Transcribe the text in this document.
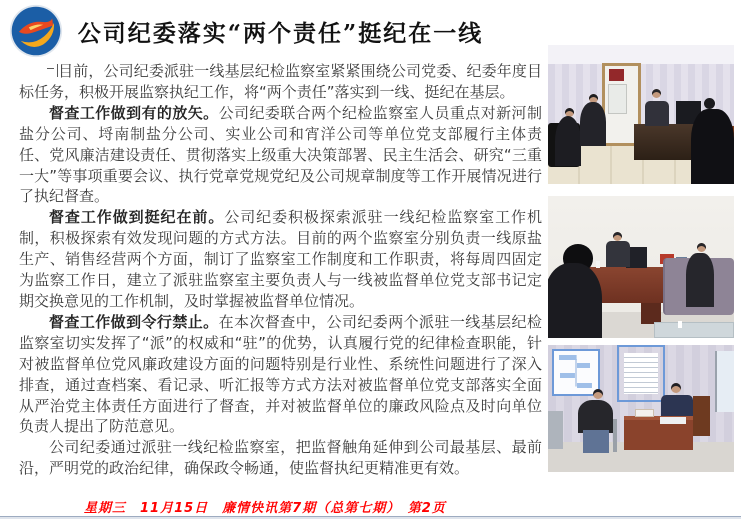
公司纪委落实“两个责任”挺纪在一线

目前，公司纪委派驻一线基层纪检监察室紧紧围绕公司党委、纪委年度目标任务，积极开展监察执纪工作，将“两个责任”落实到一线、挺纪在基层。

督查工作做到有的放矢。公司纪委联合两个纪检监察室人员重点对新河制盐分公司、埒南制盐分公司、实业公司和宵洋公司等单位党支部履行主体责任、党风廉洁建设责任、贯彻落实上级重大决策部署、民主生活会、研究“三重一大”等事项重要会议、执行党章党规党纪及公司规章制度等工作开展情况进行了执纪督查。

督查工作做到挺纪在前。公司纪委积极探索派驻一线纪检监察室工作机制，积极探索有效发现问题的方式方法。目前的两个监察室分别负责一线原盐生产、销售经营两个方面，制订了监察室工作制度和工作职责，将每周四固定为监察工作日，建立了派驻监察室主要负责人与一线被监督单位党支部书记定期交换意见的工作机制，及时掌握被监督单位情况。

督查工作做到令行禁止。在本次督查中，公司纪委两个派驻一线基层纪检监察室切实发挥了“派”的权威和“驻”的优势，认真履行党的纪律检查职能，针对被监督单位党风廉政建设方面的问题特别是行业性、系统性问题进行了深入排查，通过查档案、看记录、听汇报等方式方法对被监督单位党支部落实全面从严治党主体责任方面进行了督查，并对被监督单位的廉政风险点及时向单位负责人提出了防范意见。

公司纪委通过派驻一线纪检监察室，把监督触角延伸到公司最基层、最前沿，严明党的政治纪律，确保政令畅通，使监督执纪更精准更有效。

星期三　11月15日　廉情快讯第7期（总第七期）　第2页
